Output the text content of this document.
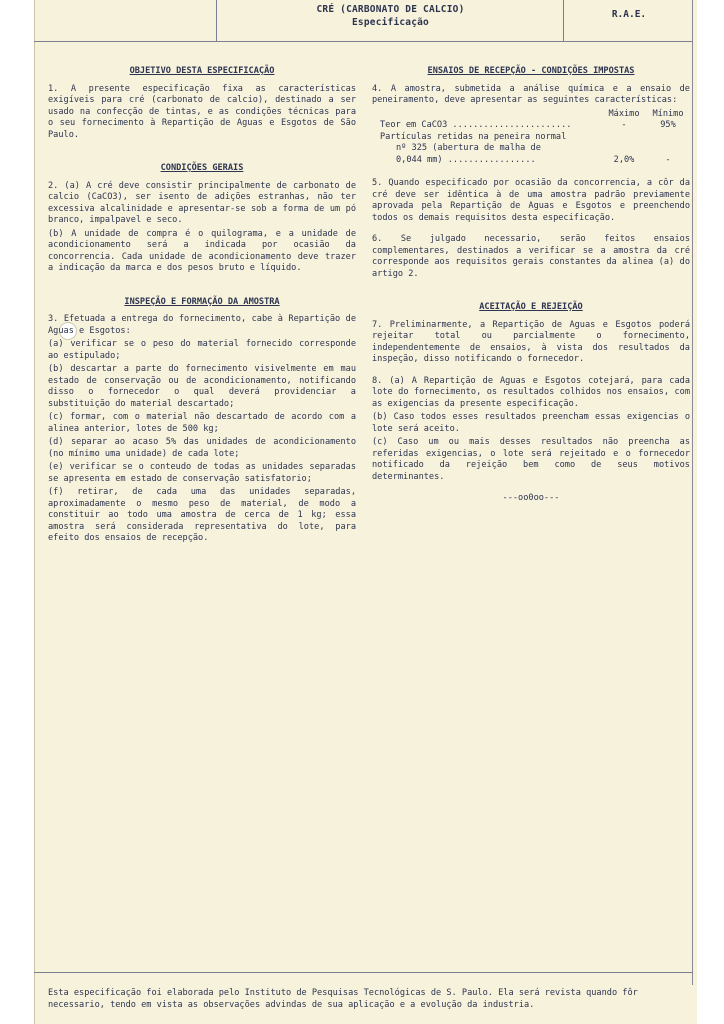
CRÉ (CARBONATO DE CALCIO)
Especificação
R.A.E.
OBJETIVO DESTA ESPECIFICAÇÃO

1. A presente especificação fixa as características exigíveis para cré (carbonato de calcio), destinado a ser usado na confecção de tintas, e as condições técnicas para o seu fornecimento à Repartição de Aguas e Esgotos de São Paulo.

CONDIÇÕES GERAIS

2. (a) A cré deve consistir principalmente de carbonato de calcio (CaCO3), ser isento de adições estranhas, não ter excessiva alcalinidade e apresentar-se sob a forma de um pó branco, impalpavel e seco.

(b) A unidade de compra é o quilograma, e a unidade de acondicionamento será a indicada por ocasião da concorrencia. Cada unidade de acondicionamento deve trazer a indicação da marca e dos pesos bruto e líquido.

INSPEÇÃO E FORMAÇÃO DA AMOSTRA

3. Efetuada a entrega do fornecimento, cabe à Repartição de Aguas e Esgotos:

(a) verificar se o peso do material fornecido corresponde ao estipulado;

(b) descartar a parte do fornecimento visivelmente em mau estado de conservação ou de acondicionamento, notificando disso o fornecedor o qual deverá providenciar a substituição do material descartado;

(c) formar, com o material não descartado de acordo com a alinea anterior, lotes de 500 kg;

(d) separar ao acaso 5% das unidades de acondicionamento (no mínimo uma unidade) de cada lote;

(e) verificar se o conteudo de todas as unidades separadas se apresenta em estado de conservação satisfatorio;

(f) retirar, de cada uma das unidades separadas, aproximadamente o mesmo peso de material, de modo a constituir ao todo uma amostra de cerca de 1 kg; essa amostra será considerada representativa do lote, para efeito dos ensaios de recepção.

ENSAIOS DE RECEPÇÃO - CONDIÇÕES IMPOSTAS

4. A amostra, submetida a análise química e a ensaio de peneiramento, deve apresentar as seguintes características:

	Máximo	Mínimo
Teor em CaCO3 .......................	-	95%
Partículas retidas na peneira normal		
nº 325 (abertura de malha de		
0,044 mm) .................	2,0%	-

5. Quando especificado por ocasião da concorrencia, a côr da cré deve ser idêntica à de uma amostra padrão previamente aprovada pela Repartição de Aguas e Esgotos e preenchendo todos os demais requisitos desta especificação.

6. Se julgado necessario, serão feitos ensaios complementares, destinados a verificar se a amostra da cré corresponde aos requisitos gerais constantes da alinea (a) do artigo 2.

ACEITAÇÃO E REJEIÇÃO

7. Preliminarmente, a Repartição de Aguas e Esgotos poderá rejeitar total ou parcialmente o fornecimento, independentemente de ensaios, à vista dos resultados da inspeção, disso notificando o fornecedor.

8. (a) A Repartição de Aguas e Esgotos cotejará, para cada lote do fornecimento, os resultados colhidos nos ensaios, com as exigencias da presente especificação.

(b) Caso todos esses resultados preencham essas exigencias o lote será aceito.

(c) Caso um ou mais desses resultados não preencha as referidas exigencias, o lote será rejeitado e o fornecedor notificado da rejeição bem como de seus motivos determinantes.

---oo0oo---
Esta especificação foi elaborada pelo Instituto de Pesquisas Tecnológicas de S. Paulo. Ela será revista quando fôr necessario, tendo em vista as observações advindas de sua aplicação e a evolução da industria.
